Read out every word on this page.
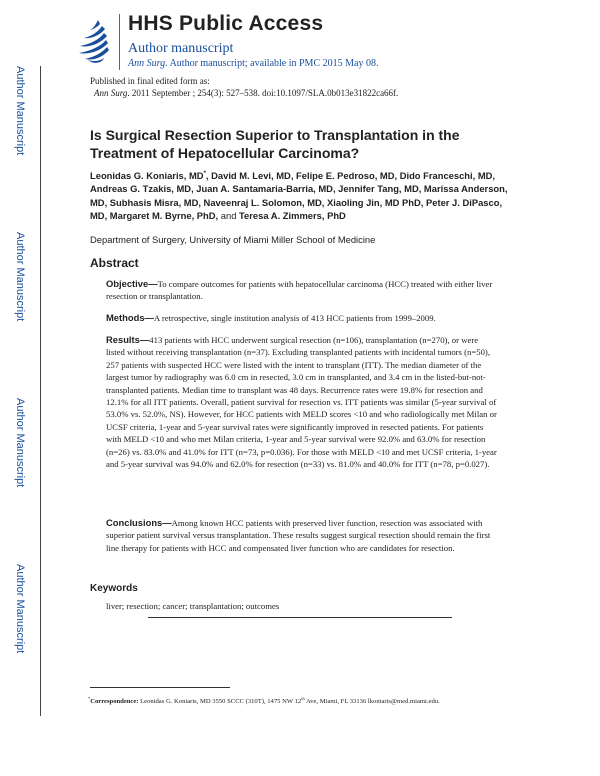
HHS Public Access
Author manuscript
Ann Surg. Author manuscript; available in PMC 2015 May 08.
Author Manuscript
Author Manuscript
Author Manuscript
Author Manuscript
Published in final edited form as:
Ann Surg. 2011 September ; 254(3): 527–538. doi:10.1097/SLA.0b013e31822ca66f.
Is Surgical Resection Superior to Transplantation in the Treatment of Hepatocellular Carcinoma?
Leonidas G. Koniaris, MD*, David M. Levi, MD, Felipe E. Pedroso, MD, Dido Franceschi, MD, Andreas G. Tzakis, MD, Juan A. Santamaria-Barria, MD, Jennifer Tang, MD, Marissa Anderson, MD, Subhasis Misra, MD, Naveenraj L. Solomon, MD, Xiaoling Jin, MD PhD, Peter J. DiPasco, MD, Margaret M. Byrne, PhD, and Teresa A. Zimmers, PhD
Department of Surgery, University of Miami Miller School of Medicine
Abstract
Objective—To compare outcomes for patients with hepatocellular carcinoma (HCC) treated with either liver resection or transplantation.
Methods—A retrospective, single institution analysis of 413 HCC patients from 1999–2009.
Results—413 patients with HCC underwent surgical resection (n=106), transplantation (n=270), or were listed without receiving transplantation (n=37). Excluding transplanted patients with incidental tumors (n=50), 257 patients with suspected HCC were listed with the intent to transplant (ITT). The median diameter of the largest tumor by radiography was 6.0 cm in resected, 3.0 cm in transplanted, and 3.4 cm in the listed-but-not-transplanted patients. Median time to transplant was 48 days. Recurrence rates were 19.8% for resection and 12.1% for all ITT patients. Overall, patient survival for resection vs. ITT patients was similar (5-year survival of 53.0% vs. 52.0%, NS). However, for HCC patients with MELD scores <10 and who radiologically met Milan or UCSF criteria, 1-year and 5-year survival rates were significantly improved in resected patients. For patients with MELD <10 and who met Milan criteria, 1-year and 5-year survival were 92.0% and 63.0% for resection (n=26) vs. 83.0% and 41.0% for ITT (n=73, p=0.036). For those with MELD <10 and met UCSF criteria, 1-year and 5-year survival was 94.0% and 62.0% for resection (n=33) vs. 81.0% and 40.0% for ITT (n=78, p=0.027).
Conclusions—Among known HCC patients with preserved liver function, resection was associated with superior patient survival versus transplantation. These results suggest surgical resection should remain the first line therapy for patients with HCC and compensated liver function who are candidates for resection.
Keywords
liver; resection; cancer; transplantation; outcomes
*Correspondence: Leonidas G. Koniaris, MD 3550 SCCC (310T), 1475 NW 12th Ave, Miami, FL 33136 lkoniaris@med.miami.edu.
